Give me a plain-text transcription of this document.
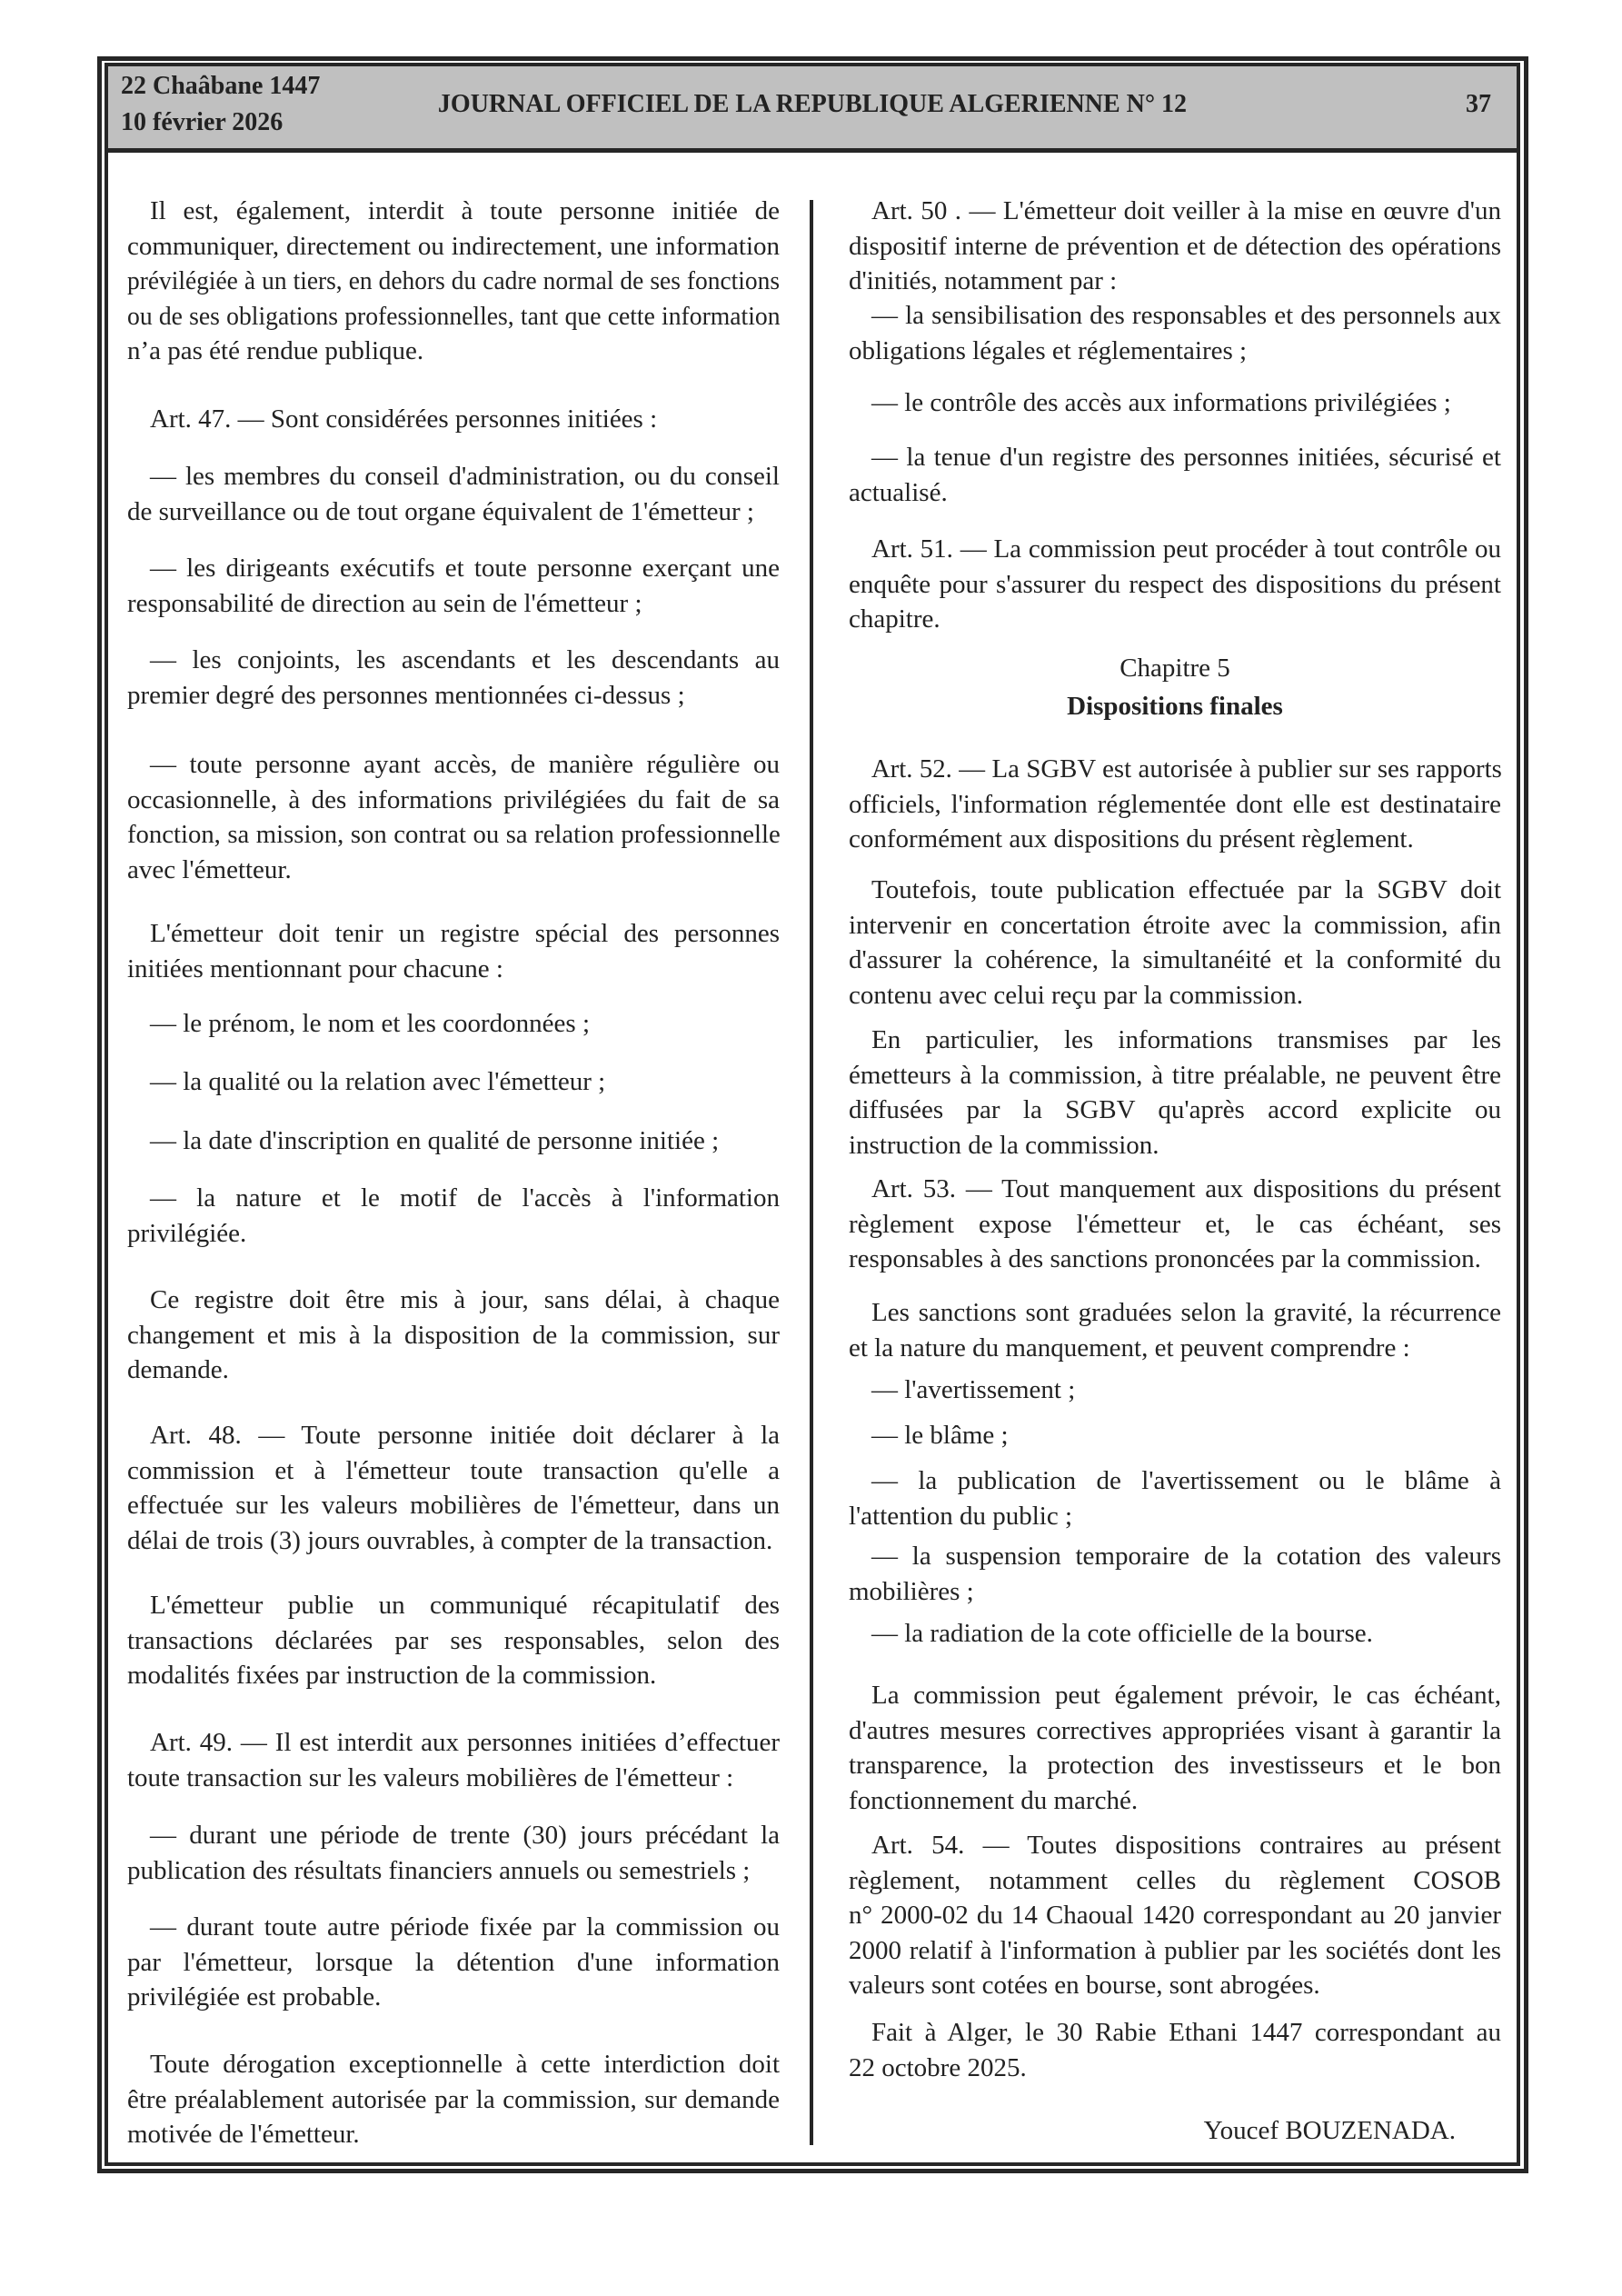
22 Chaâbane 1447
10 février 2026
JOURNAL OFFICIEL DE LA REPUBLIQUE ALGERIENNE N° 12	37
Il est, également, interdit à toute personne initiée de
communiquer, directement ou indirectement, une information
prévilégiée à un tiers, en dehors du cadre normal de ses fonctions
ou de ses obligations professionnelles, tant que cette information
n’a pas été rendue publique.
Art. 47. — Sont considérées personnes initiées :
— les membres du conseil d'administration, ou du conseil
de surveillance ou de tout organe équivalent de 1'émetteur ;
— les dirigeants exécutifs et toute personne exerçant une
responsabilité de direction au sein de l'émetteur ;
— les conjoints, les ascendants et les descendants au
premier degré des personnes mentionnées ci-dessus ;
— toute personne ayant accès, de manière régulière ou
occasionnelle, à des informations privilégiées du fait de sa
fonction, sa mission, son contrat ou sa relation professionnelle
avec l'émetteur.
L'émetteur doit tenir un registre spécial des personnes
initiées mentionnant pour chacune :
— le prénom, le nom et les coordonnées ;
— la qualité ou la relation avec l'émetteur ;
— la date d'inscription en qualité de personne initiée ;
— la nature et le motif de l'accès à l'information
privilégiée.
Ce registre doit être mis à jour, sans délai, à chaque
changement et mis à la disposition de la commission, sur
demande.
Art. 48. — Toute personne initiée doit déclarer à la
commission et à l'émetteur toute transaction qu'elle a
effectuée sur les valeurs mobilières de l'émetteur, dans un
délai de trois (3) jours ouvrables, à compter de la transaction.
L'émetteur publie un communiqué récapitulatif des
transactions déclarées par ses responsables, selon des
modalités fixées par instruction de la commission.
Art. 49. — Il est interdit aux personnes initiées d’effectuer
toute transaction sur les valeurs mobilières de l'émetteur :
— durant une période de trente (30) jours précédant la
publication des résultats financiers annuels ou semestriels ;
— durant toute autre période fixée par la commission ou
par l'émetteur, lorsque la détention d'une information
privilégiée est probable.
Toute dérogation exceptionnelle à cette interdiction doit
être préalablement autorisée par la commission, sur demande
motivée de l'émetteur.
Chapitre 5
Dispositions finales
Youcef BOUZENADA.
Art. 50 . — L'émetteur doit veiller à la mise en œuvre d'un
dispositif interne de prévention et de détection des opérations
d'initiés, notamment par :
— la sensibilisation des responsables et des personnels aux
obligations légales et réglementaires ;
— le contrôle des accès aux informations privilégiées ;
— la tenue d'un registre des personnes initiées, sécurisé et
actualisé.
Art. 51. — La commission peut procéder à tout contrôle ou
enquête pour s'assurer du respect des dispositions du présent
chapitre.
Art. 52. — La SGBV est autorisée à publier sur ses rapports
officiels, l'information réglementée dont elle est destinataire
conformément aux dispositions du présent règlement.
Toutefois, toute publication effectuée par la SGBV doit
intervenir en concertation étroite avec la commission, afin
d'assurer la cohérence, la simultanéité et la conformité du
contenu avec celui reçu par la commission.
En particulier, les informations transmises par les
émetteurs à la commission, à titre préalable, ne peuvent être
diffusées par la SGBV qu'après accord explicite ou
instruction de la commission.
Art. 53. — Tout manquement aux dispositions du présent
règlement expose l'émetteur et, le cas échéant, ses
responsables à des sanctions prononcées par la commission.
Les sanctions sont graduées selon la gravité, la récurrence
et la nature du manquement, et peuvent comprendre :
— l'avertissement ;
— le blâme ;
— la publication de l'avertissement ou le blâme à
l'attention du public ;
— la suspension temporaire de la cotation des valeurs
mobilières ;
— la radiation de la cote officielle de la bourse.
La commission peut également prévoir, le cas échéant,
d'autres mesures correctives appropriées visant à garantir la
transparence, la protection des investisseurs et le bon
fonctionnement du marché.
Art. 54. — Toutes dispositions contraires au présent
règlement, notamment celles du règlement COSOB
n° 2000-02 du 14 Chaoual 1420 correspondant au 20 janvier
2000 relatif à l'information à publier par les sociétés dont les
valeurs sont cotées en bourse, sont abrogées.
Fait à Alger, le 30 Rabie Ethani 1447 correspondant au
22 octobre 2025.
